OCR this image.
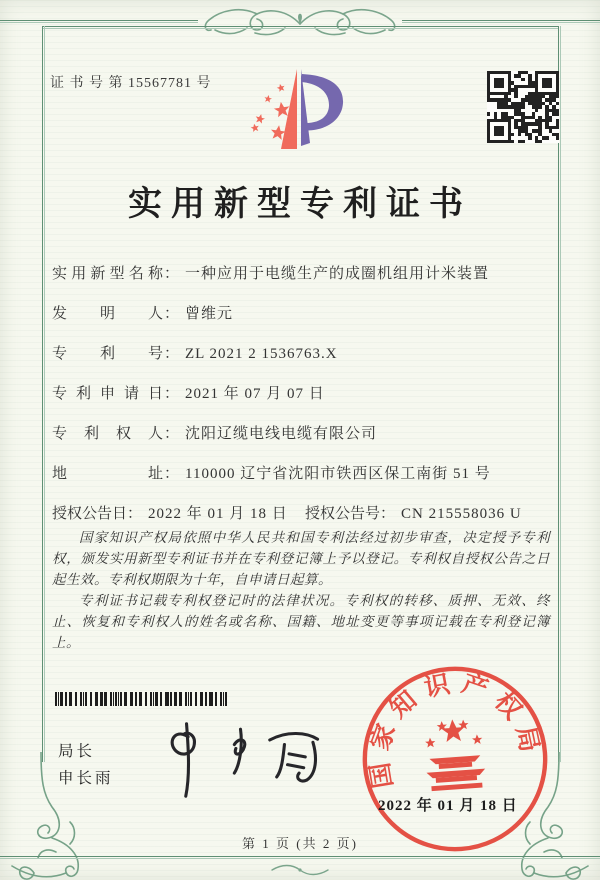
证 书 号 第 15567781 号
实用新型专利证书
实用新型名称： 一种应用于电缆生产的成圈机组用计米装置
发明人： 曾维元
专利号： ZL 2021 2 1536763.X
专利申请日： 2021 年 07 月 07 日
专利权人： 沈阳辽缆电线电缆有限公司
地址： 110000 辽宁省沈阳市铁西区保工南街 51 号
授权公告日： 2022 年 01 月 18 日 授权公告号： CN 215558036 U

国家知识产权局依照中华人民共和国专利法经过初步审查，决定授予专利权，颁发实用新型专利证书并在专利登记簿上予以登记。专利权自授权公告之日起生效。专利权期限为十年，自申请日起算。

专利证书记载专利权登记时的法律状况。专利权的转移、质押、无效、终止、恢复和专利权人的姓名或名称、国籍、地址变更等事项记载在专利登记簿上。

局长
申长雨	国家知识产权局
2022 年 01 月 18 日
第 1 页 (共 2 页)
